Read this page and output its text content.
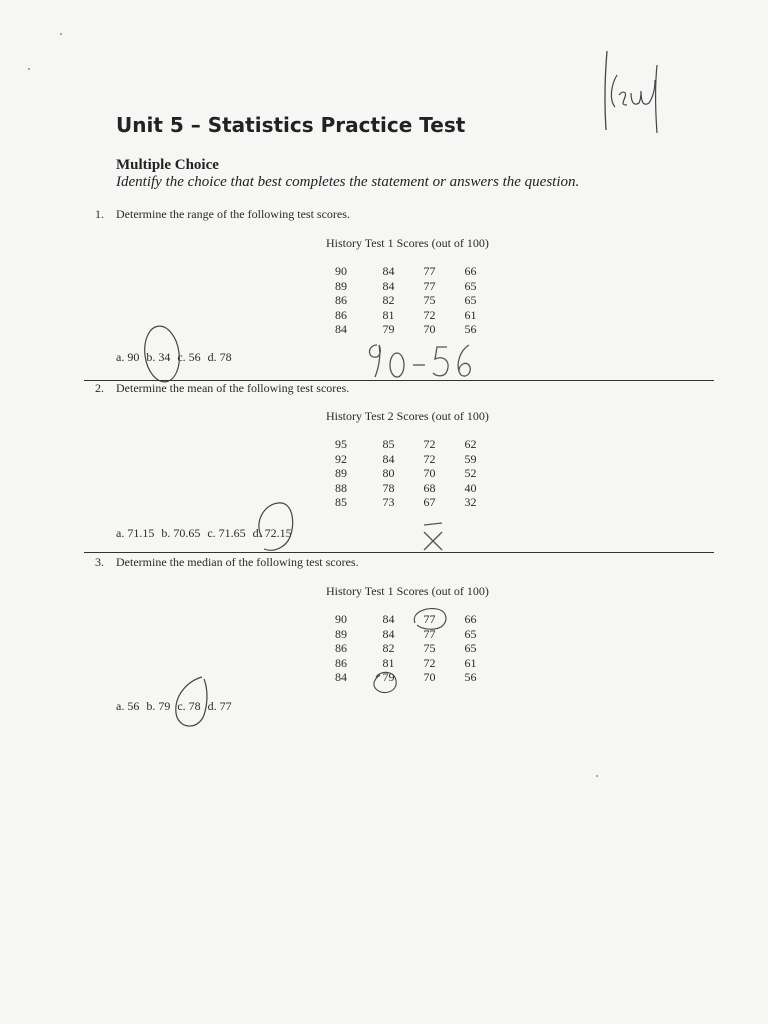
Unit 5 – Statistics Practice Test
Multiple Choice
Identify the choice that best completes the statement or answers the question.
1. Determine the range of the following test scores.
History Test 1 Scores (out of 100)
90	84	77	66
89	84	77	65
86	82	75	65
86	81	72	61
84	79	70	56
a. 90 b. 34 c. 56 d. 78
2. Determine the mean of the following test scores.
History Test 2 Scores (out of 100)
95	85	72	62
92	84	72	59
89	80	70	52
88	78	68	40
85	73	67	32
a. 71.15 b. 70.65 c. 71.65 d. 72.15
3. Determine the median of the following test scores.
History Test 1 Scores (out of 100)
90	84	77	66
89	84	77	65
86	82	75	65
86	81	72	61
84	79	70	56
a. 56 b. 79 c. 78 d. 77
